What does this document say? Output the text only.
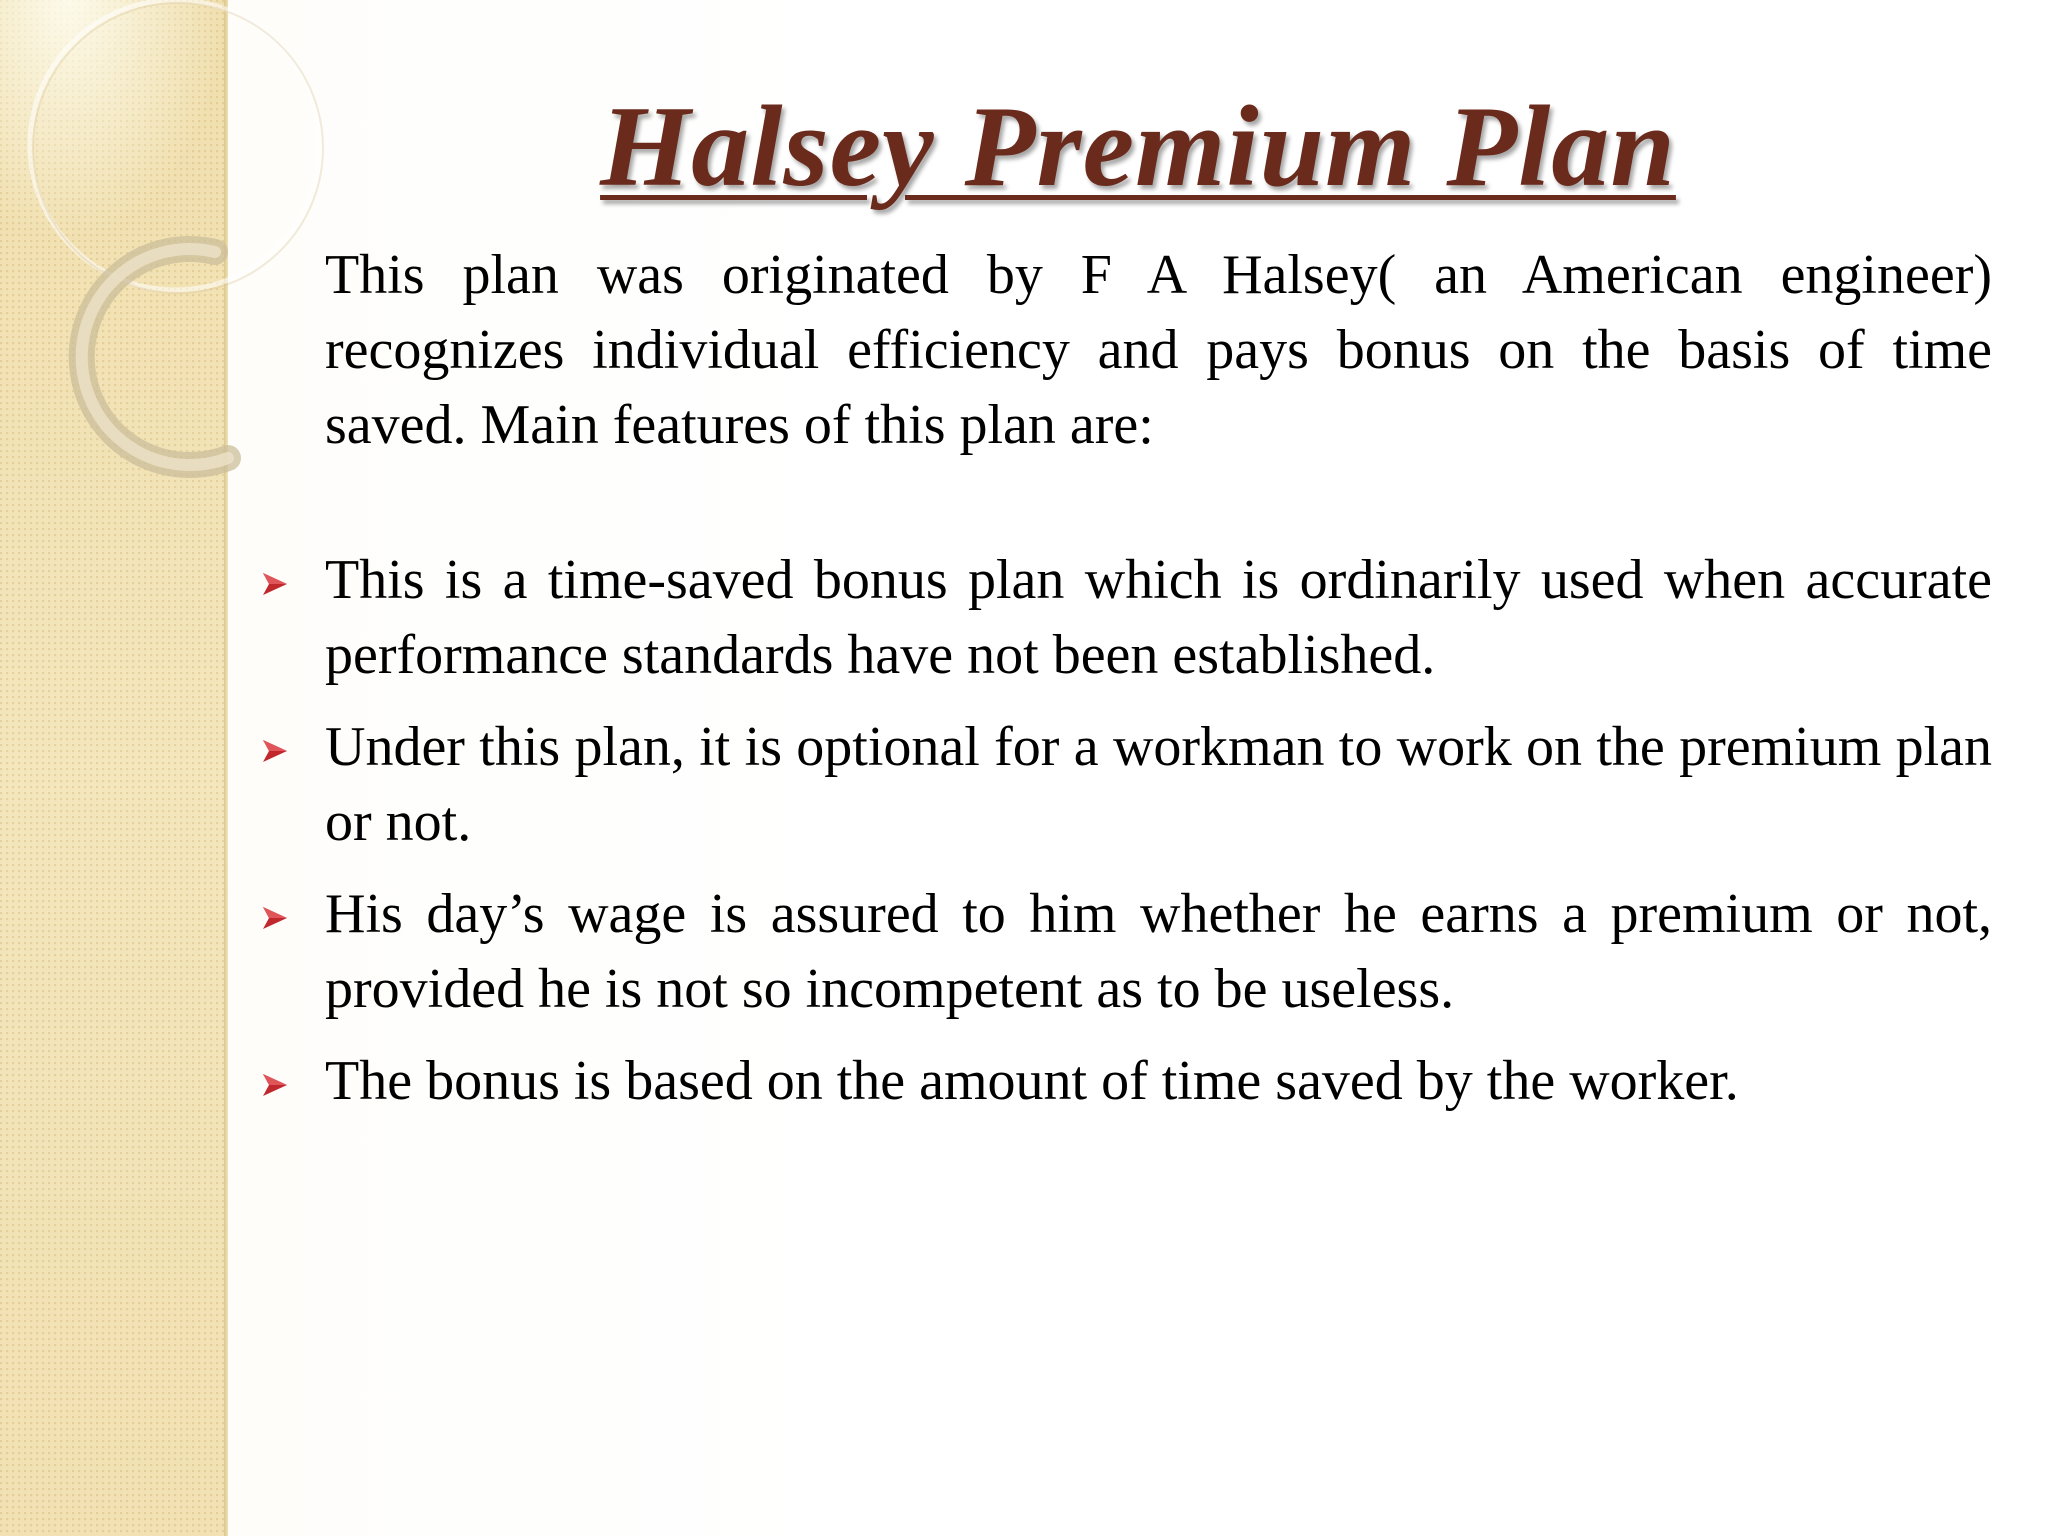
Halsey Premium Plan

This plan was originated by F A Halsey( an American engineer) recognizes individual efficiency and pays bonus on the basis of time saved. Main features of this plan are:

This is a time-saved bonus plan which is ordinarily used when accurate performance standards have not been established.
Under this plan, it is optional for a workman to work on the premium plan or not.
His day’s wage is assured to him whether he earns a premium or not, provided he is not so incompetent as to be useless.
The bonus is based on the amount of time saved by the worker.
